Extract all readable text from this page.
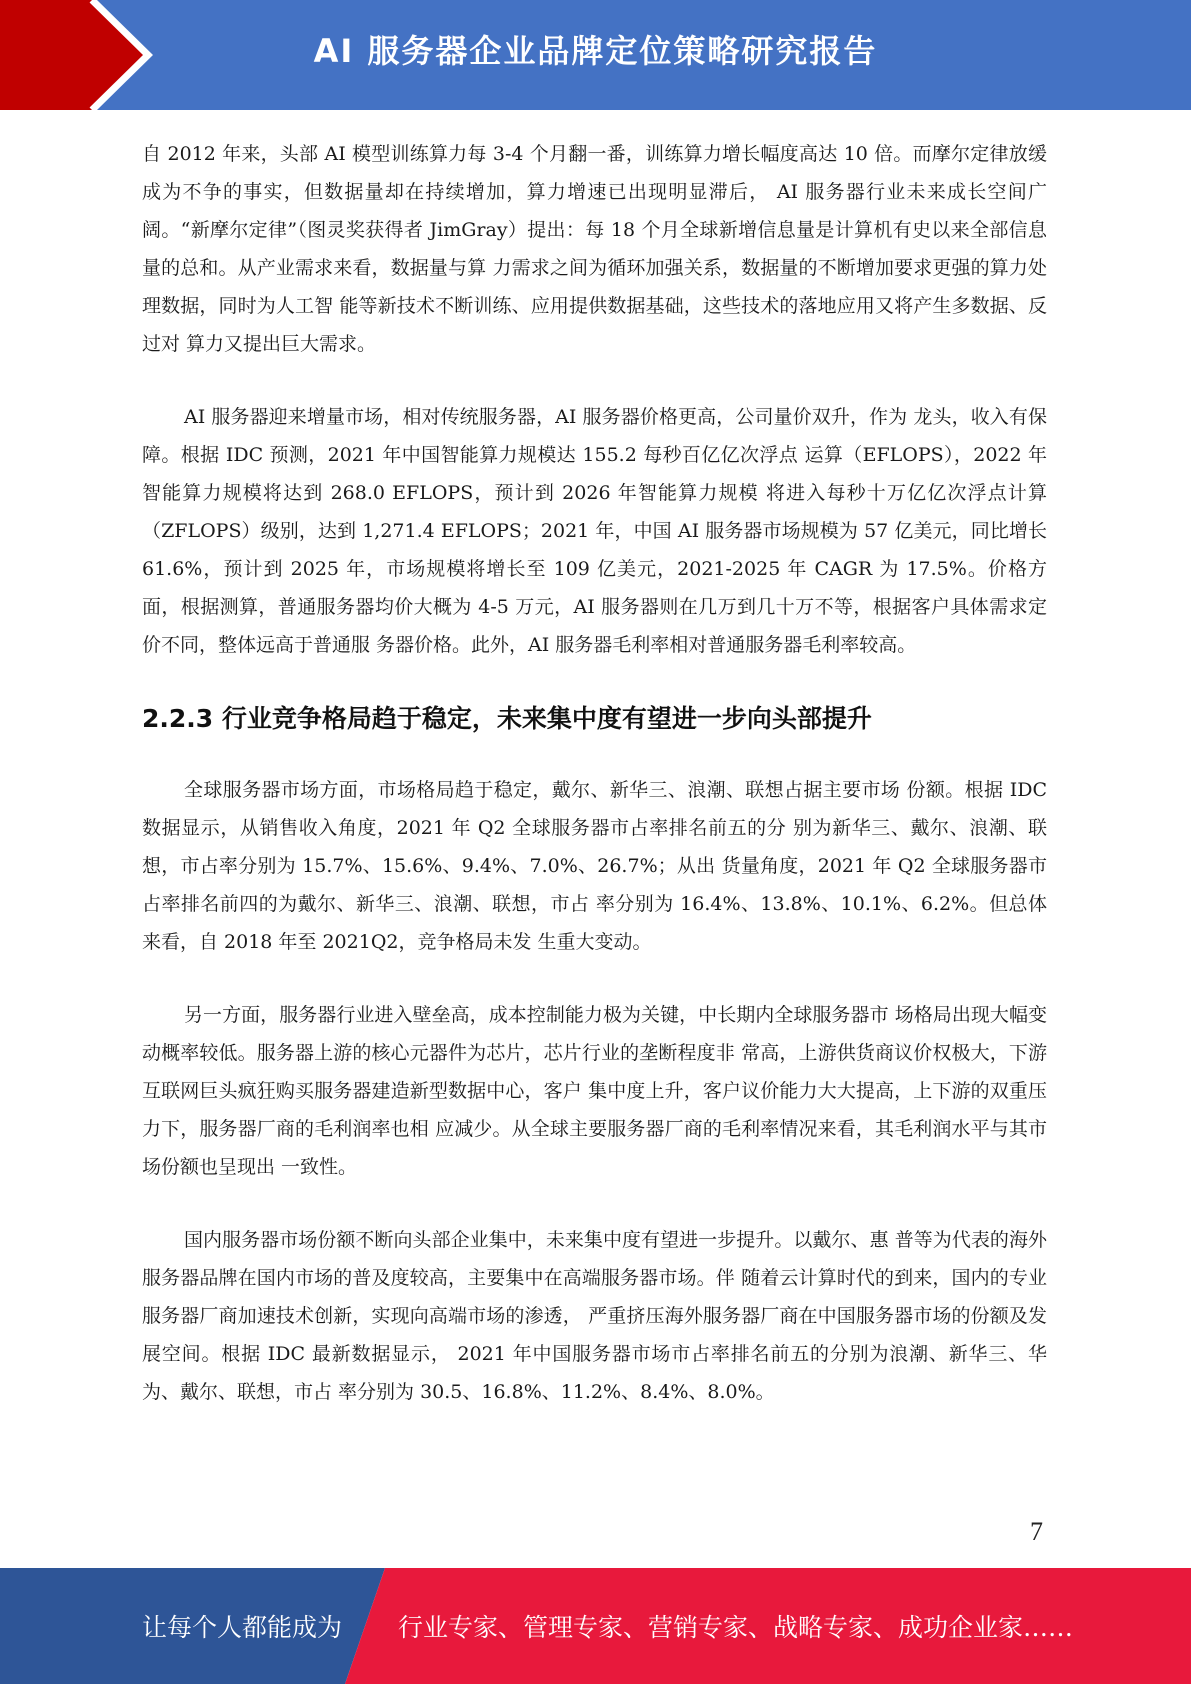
AI 服务器企业品牌定位策略研究报告

自 2012 年来，头部 AI 模型训练算力每 3-4 个月翻一番，训练算力增长幅度高达 10 倍。而摩尔定律放缓成为不争的事实，但数据量却在持续增加，算力增速已出现明显滞后， AI 服务器行业未来成长空间广阔。“新摩尔定律”（图灵奖获得者 JimGray）提出：每 18 个月全球新增信息量是计算机有史以来全部信息量的总和。从产业需求来看，数据量与算 力需求之间为循环加强关系，数据量的不断增加要求更强的算力处理数据，同时为人工智 能等新技术不断训练、应用提供数据基础，这些技术的落地应用又将产生多数据、反过对 算力又提出巨大需求。

AI 服务器迎来增量市场，相对传统服务器，AI 服务器价格更高，公司量价双升，作为 龙头，收入有保障。根据 IDC 预测，2021 年中国智能算力规模达 155.2 每秒百亿亿次浮点 运算（EFLOPS），2022 年智能算力规模将达到 268.0 EFLOPS，预计到 2026 年智能算力规模 将进入每秒十万亿亿次浮点计算（ZFLOPS）级别，达到 1,271.4 EFLOPS；2021 年，中国 AI 服务器市场规模为 57 亿美元，同比增长 61.6%，预计到 2025 年，市场规模将增长至 109 亿美元，2021-2025 年 CAGR 为 17.5%。价格方面，根据测算，普通服务器均价大概为 4-5 万元，AI 服务器则在几万到几十万不等，根据客户具体需求定价不同，整体远高于普通服 务器价格。此外，AI 服务器毛利率相对普通服务器毛利率较高。

2.2.3 行业竞争格局趋于稳定，未来集中度有望进一步向头部提升

全球服务器市场方面，市场格局趋于稳定，戴尔、新华三、浪潮、联想占据主要市场 份额。根据 IDC 数据显示，从销售收入角度，2021 年 Q2 全球服务器市占率排名前五的分 别为新华三、戴尔、浪潮、联想，市占率分别为 15.7%、15.6%、9.4%、7.0%、26.7%；从出 货量角度，2021 年 Q2 全球服务器市占率排名前四的为戴尔、新华三、浪潮、联想，市占 率分别为 16.4%、13.8%、10.1%、6.2%。但总体来看，自 2018 年至 2021Q2，竞争格局未发 生重大变动。

另一方面，服务器行业进入壁垒高，成本控制能力极为关键，中长期内全球服务器市 场格局出现大幅变动概率较低。服务器上游的核心元器件为芯片，芯片行业的垄断程度非 常高，上游供货商议价权极大，下游互联网巨头疯狂购买服务器建造新型数据中心，客户 集中度上升，客户议价能力大大提高，上下游的双重压力下，服务器厂商的毛利润率也相 应减少。从全球主要服务器厂商的毛利率情况来看，其毛利润水平与其市场份额也呈现出 一致性。

国内服务器市场份额不断向头部企业集中，未来集中度有望进一步提升。以戴尔、惠 普等为代表的海外服务器品牌在国内市场的普及度较高，主要集中在高端服务器市场。伴 随着云计算时代的到来，国内的专业服务器厂商加速技术创新，实现向高端市场的渗透， 严重挤压海外服务器厂商在中国服务器市场的份额及发展空间。根据 IDC 最新数据显示， 2021 年中国服务器市场市占率排名前五的分别为浪潮、新华三、华为、戴尔、联想，市占 率分别为 30.5、16.8%、11.2%、8.4%、8.0%。

7
让每个人都能成为 行业专家、管理专家、营销专家、战略专家、成功企业家……
